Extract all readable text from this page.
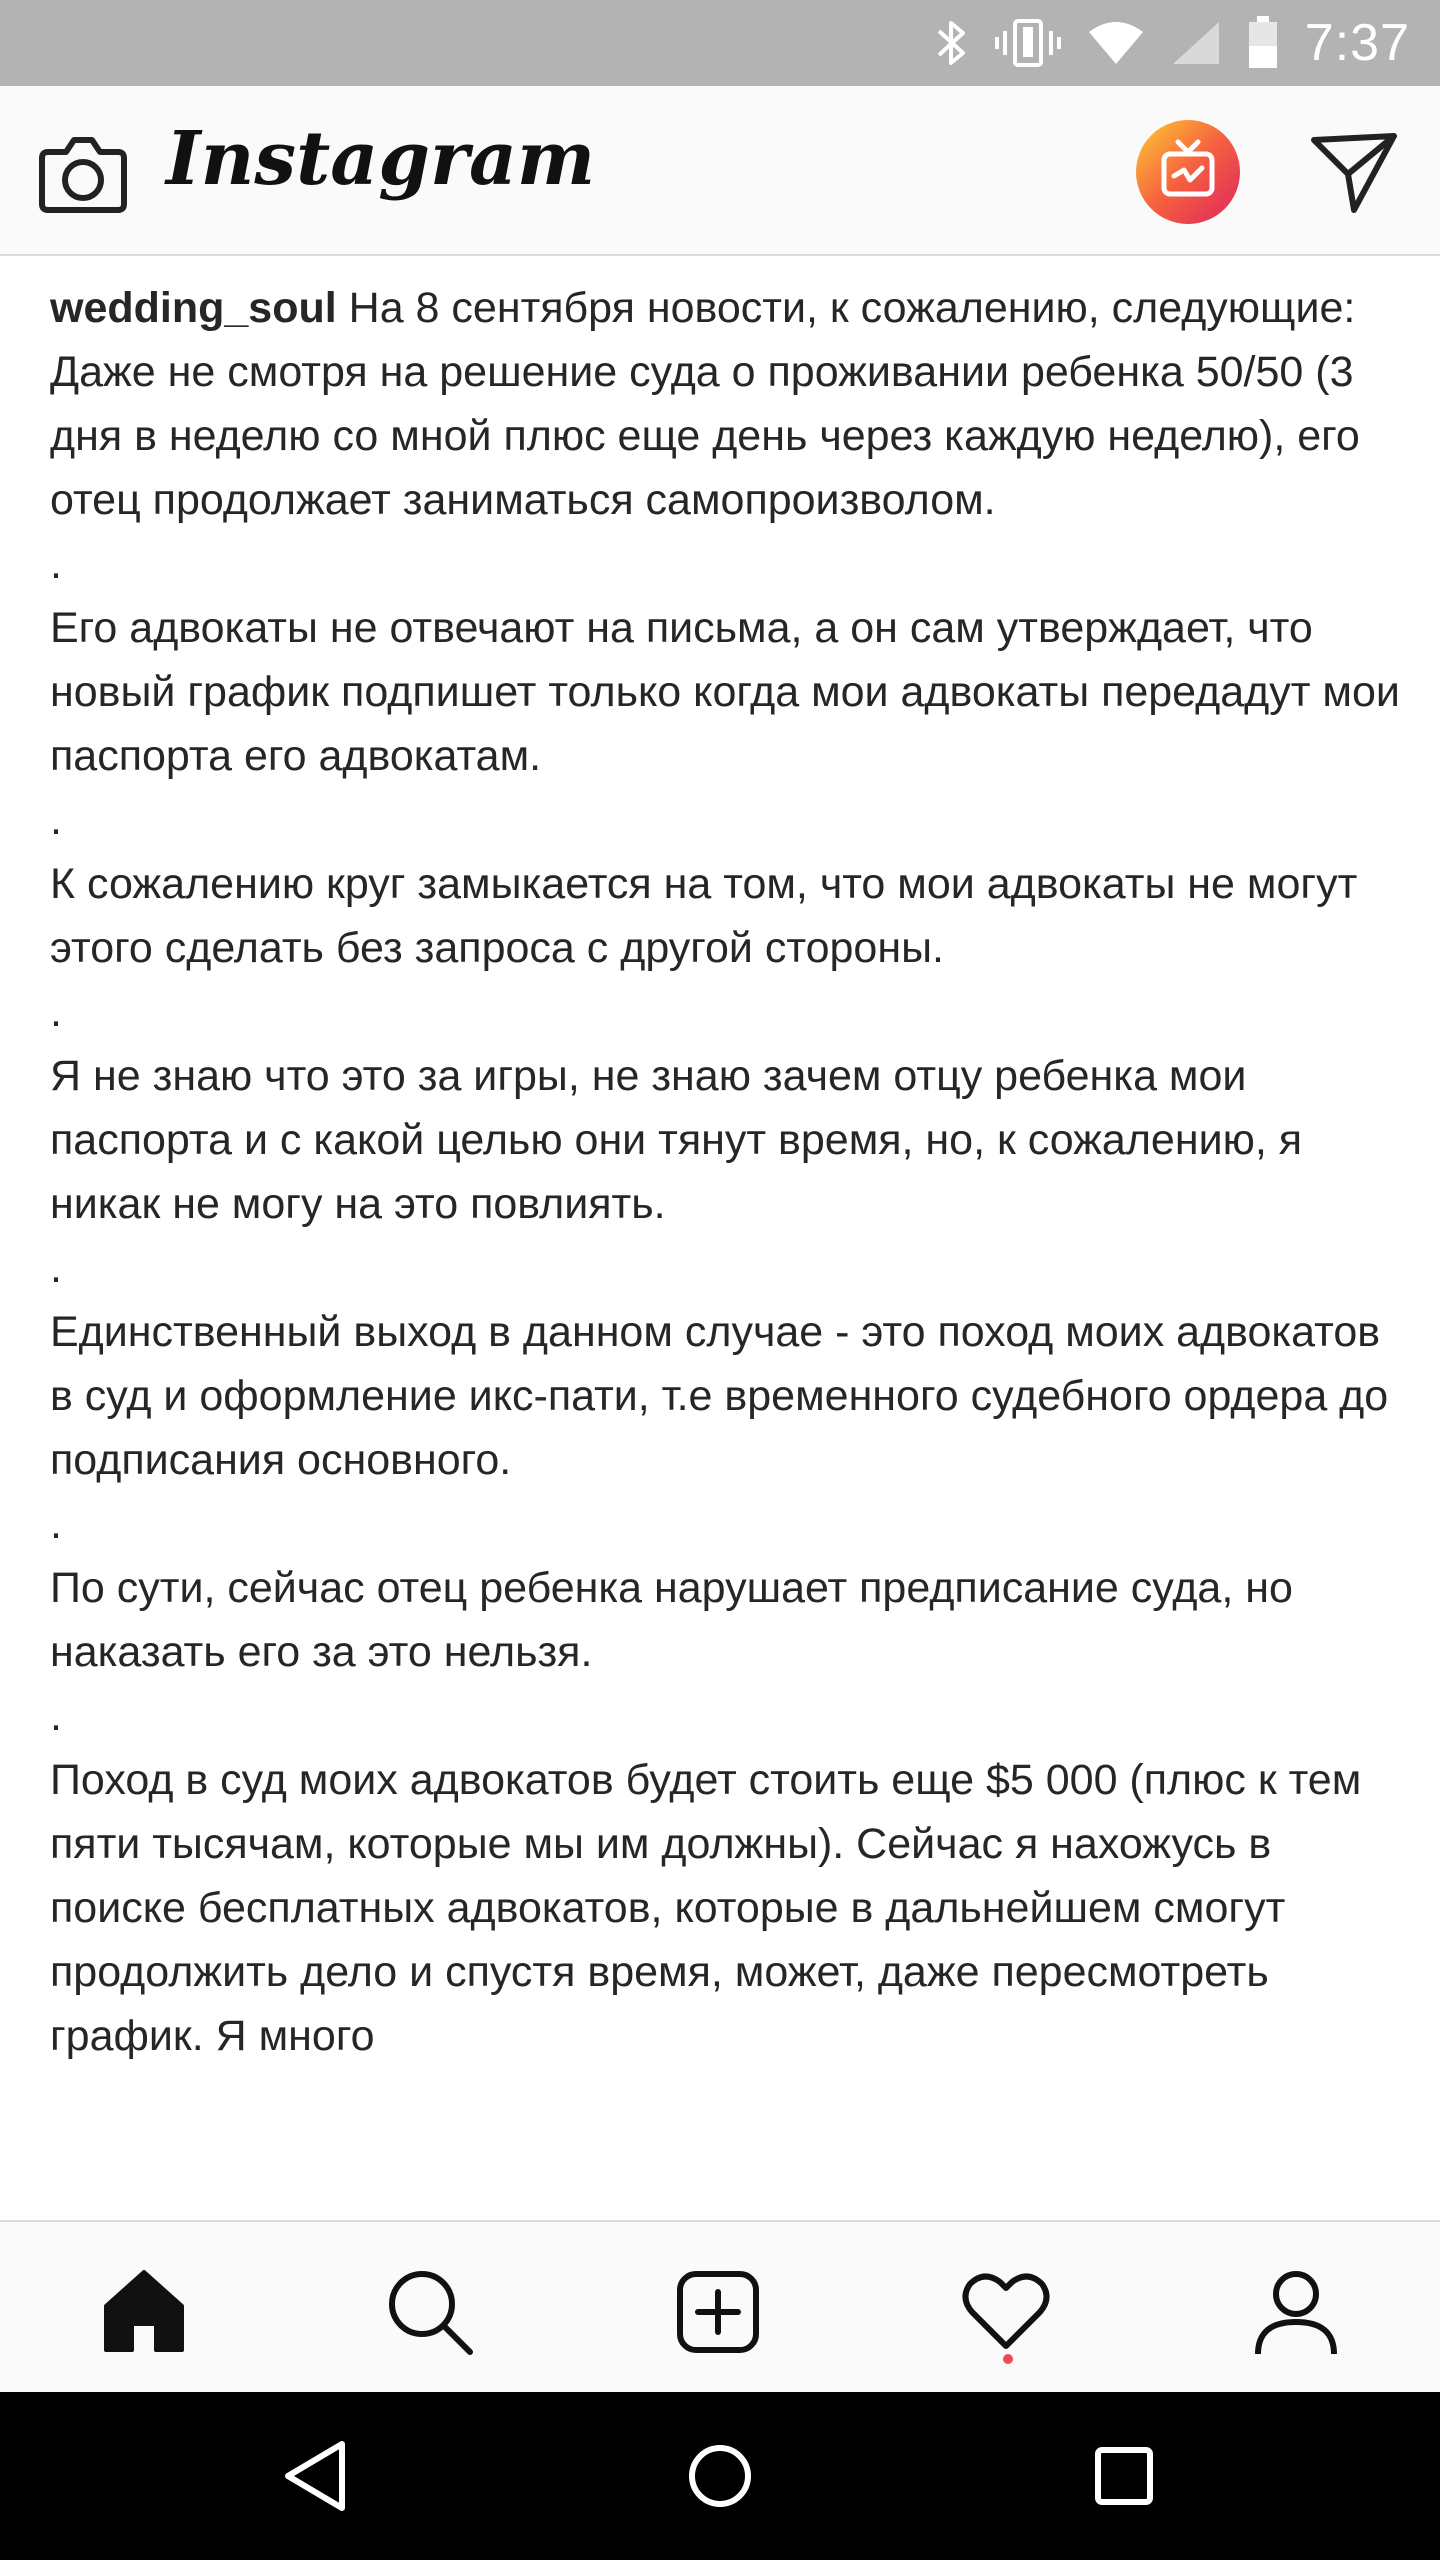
7:37
Instagram

wedding_soul На 8 сентября новости, к сожалению, следующие:

Даже не смотря на решение суда о проживании ребенка 50/50 (3 дня в неделю со мной плюс еще день через каждую неделю), его отец продолжает заниматься самопроизволом.

.

Его адвокаты не отвечают на письма, а он сам утверждает, что новый график подпишет только когда мои адвокаты передадут мои паспорта его адвокатам.

.

К сожалению круг замыкается на том, что мои адвокаты не могут этого сделать без запроса с другой стороны.

.

Я не знаю что это за игры, не знаю зачем отцу ребенка мои паспорта и с какой целью они тянут время, но, к сожалению, я никак не могу на это повлиять.

.

Единственный выход в данном случае - это поход моих адвокатов в суд и оформление икс-пати, т.е временного судебного ордера до подписания основного.

.

По сути, сейчас отец ребенка нарушает предписание суда, но наказать его за это нельзя.

.

Поход в суд моих адвокатов будет стоить еще $5 000 (плюс к тем пяти тысячам, которые мы им должны). Сейчас я нахожусь в поиске бесплатных адвокатов, которые в дальнейшем смогут продолжить дело и спустя время, может, даже пересмотреть график. Я много
